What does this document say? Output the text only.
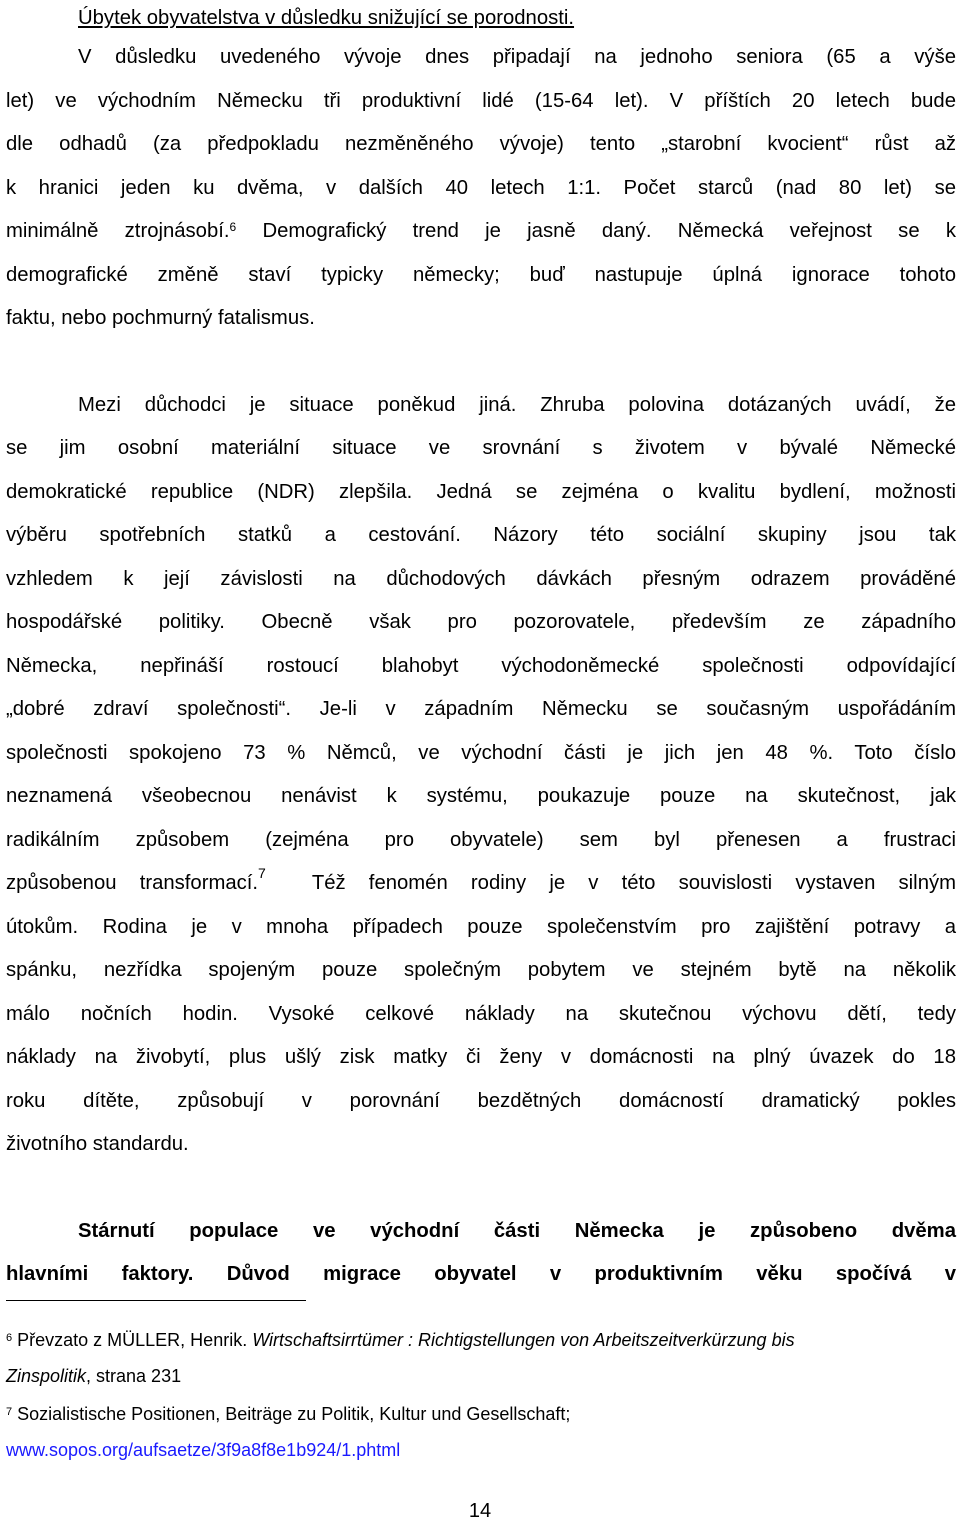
Úbytek obyvatelstva v důsledku snižující se porodnosti.

V důsledku uvedeného vývoje dnes připadají na jednoho seniora (65 a výše

let) ve východním Německu tři produktivní lidé (15-64 let). V příštích 20 letech bude

dle odhadů (za předpokladu nezměněného vývoje) tento „starobní kvocient“ růst až

k hranici jeden ku dvěma, v dalších 40 letech 1:1. Počet starců (nad 80 let) se

minimálně ztrojnásobí.$^6$ Demografický trend je jasně daný. Německá veřejnost se k

demografické změně staví typicky německy; buď nastupuje úplná ignorace tohoto

faktu, nebo pochmurný fatalismus.

Mezi důchodci je situace poněkud jiná. Zhruba polovina dotázaných uvádí, že

se jim osobní materiální situace ve srovnání s životem v bývalé Německé

demokratické republice (NDR) zlepšila. Jedná se zejména o kvalitu bydlení, možnosti

výběru spotřebních statků a cestování. Názory této sociální skupiny jsou tak

vzhledem k její závislosti na důchodových dávkách přesným odrazem prováděné

hospodářské politiky. Obecně však pro pozorovatele, především ze západního

Německa, nepřináší rostoucí blahobyt východoněmecké společnosti odpovídající

„dobré zdraví společnosti“. Je-li v západním Německu se současným uspořádáním

společnosti spokojeno 73 % Němců, ve východní části je jich jen 48 %. Toto číslo

neznamená všeobecnou nenávist k systému, poukazuje pouze na skutečnost, jak

radikálním způsobem (zejména pro obyvatele) sem byl přenesen a frustraci

způsobenou transformací.$^7$  Též fenomén rodiny je v této souvislosti vystaven silným

útokům. Rodina je v mnoha případech pouze společenstvím pro zajištění potravy a

spánku, nezřídka spojeným pouze společným pobytem ve stejném bytě na několik

málo nočních hodin. Vysoké celkové náklady na skutečnou výchovu dětí, tedy

náklady na živobytí, plus ušlý zisk matky či ženy v domácnosti na plný úvazek do 18

roku dítěte, způsobují v porovnání bezdětných domácností dramatický pokles

životního standardu.

Stárnutí populace ve východní části Německa je způsobeno dvěma

hlavními faktory. Důvod migrace obyvatel v produktivním věku spočívá v

$^6$ Převzato z MÜLLER, Henrik. Wirtschaftsirrtümer : Richtigstellungen von Arbeitszeitverkürzung bis
Zinspolitik, strana 231
$^7$ Sozialistische Positionen, Beiträge zu Politik, Kultur und Gesellschaft;
www.sopos.org/aufsaetze/3f9a8f8e1b924/1.phtml
14
